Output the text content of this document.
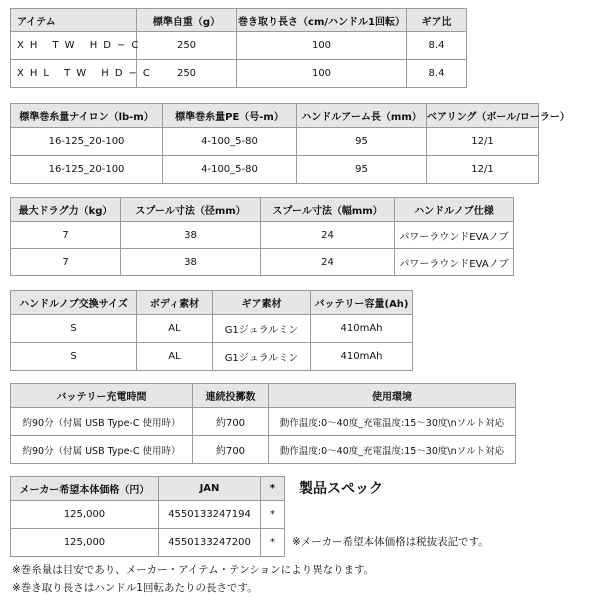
アイテム	標準自重（g）	巻き取り長さ（cm/ハンドル1回転）	ギア比
XH TW HD−C	250	100	8.4
XHL TW HD−C	250	100	8.4
標準巻糸量ナイロン（lb-m）	標準巻糸量PE（号-m）	ハンドルアーム長（mm）	ベアリング（ボール/ローラー）
16-125_20-100	4-100_5-80	95	12/1
16-125_20-100	4-100_5-80	95	12/1
最大ドラグ力（kg）	スプール寸法（径mm）	スプール寸法（幅mm）	ハンドルノブ仕様
7	38	24	パワーラウンドEVAノブ
7	38	24	パワーラウンドEVAノブ
ハンドルノブ交換サイズ	ボディ素材	ギア素材	バッテリー容量(Ah)
S	AL	G1ジュラルミン	410mAh
S	AL	G1ジュラルミン	410mAh
バッテリー充電時間	連続投擲数	使用環境
約90分（付属 USB Type-C 使用時）	約700	動作温度:0〜40度_充電温度:15〜30度\nソルト対応
約90分（付属 USB Type-C 使用時）	約700	動作温度:0〜40度_充電温度:15〜30度\nソルト対応
メーカー希望本体価格（円）	JAN	*
125,000	4550133247194	*
125,000	4550133247200	*
製品スペック
※メーカー希望本体価格は税抜表記です。
※巻糸量は目安であり、メーカー・アイテム・テンションにより異なります。
※巻き取り長さはハンドル1回転あたりの長さです。
